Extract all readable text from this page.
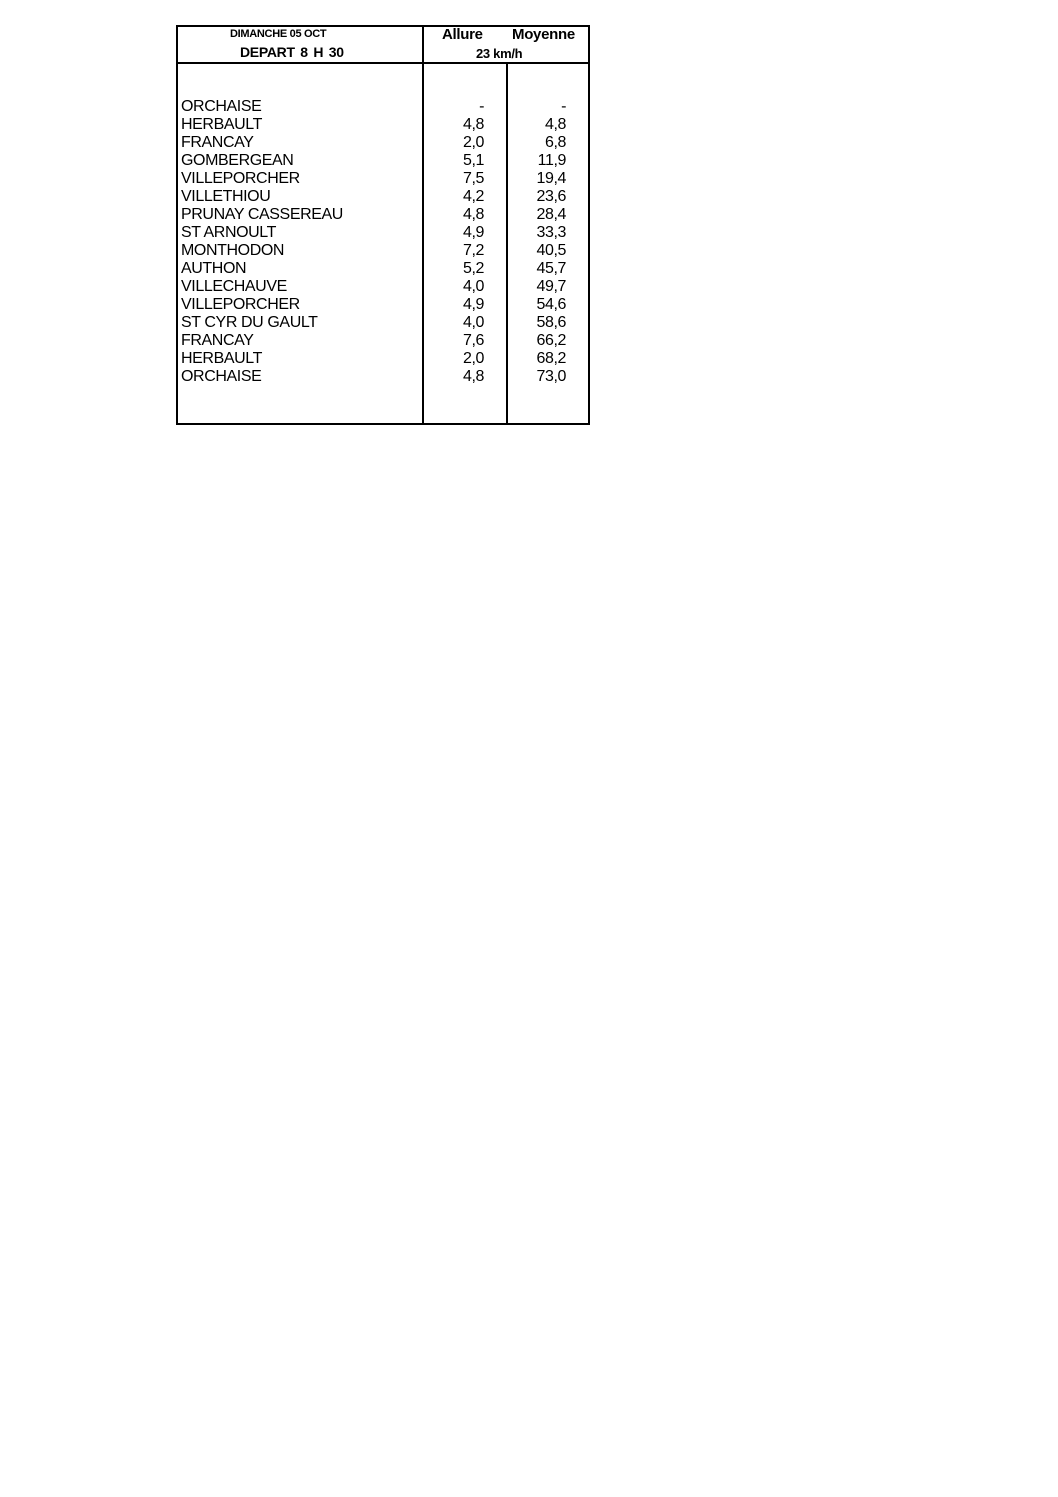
DIMANCHE 05 OCT
DEPART 8 H 30
Allure Moyenne
23 km/h
ORCHAISE	-	-
HERBAULT	4,8	4,8
FRANCAY	2,0	6,8
GOMBERGEAN	5,1	11,9
VILLEPORCHER	7,5	19,4
VILLETHIOU	4,2	23,6
PRUNAY CASSEREAU	4,8	28,4
ST ARNOULT	4,9	33,3
MONTHODON	7,2	40,5
AUTHON	5,2	45,7
VILLECHAUVE	4,0	49,7
VILLEPORCHER	4,9	54,6
ST CYR DU GAULT	4,0	58,6
FRANCAY	7,6	66,2
HERBAULT	2,0	68,2
ORCHAISE	4,8	73,0
